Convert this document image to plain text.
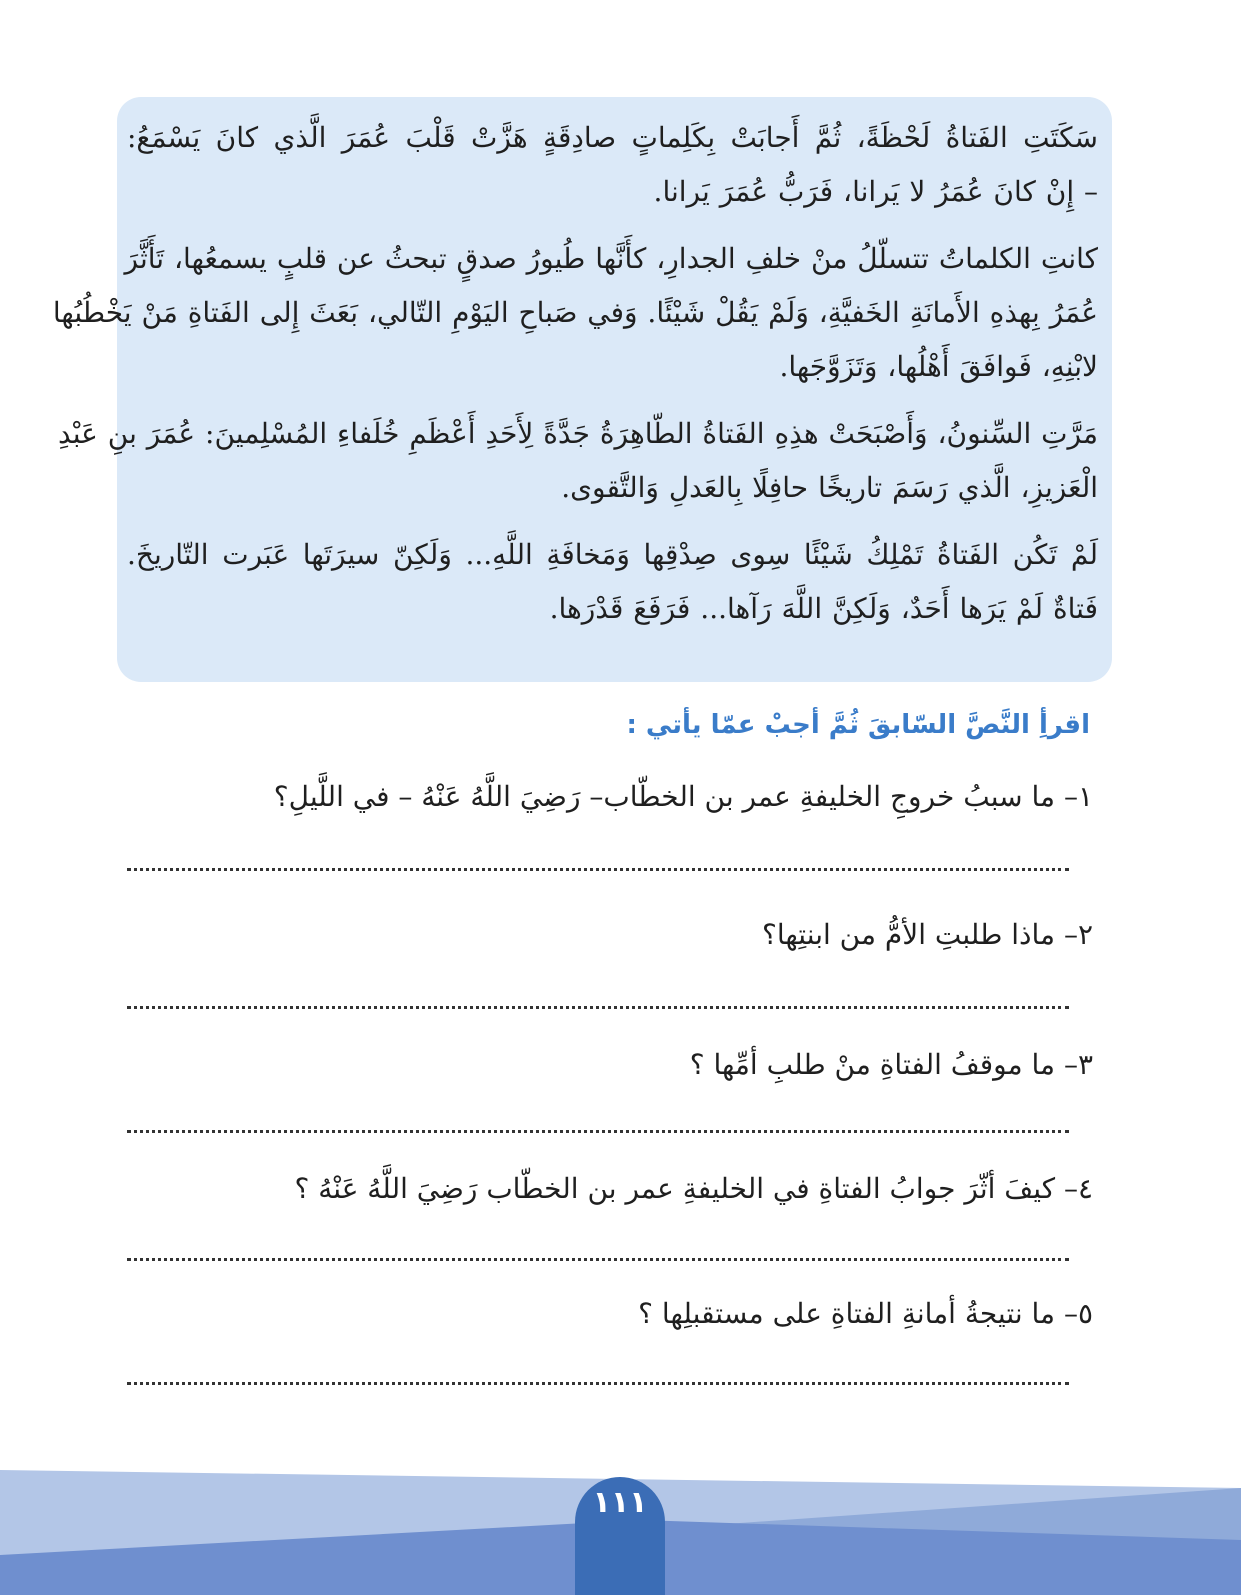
سَكَتَتِ الفَتاةُ لَحْظَةً، ثُمَّ أَجابَتْ بِكَلِماتٍ صادِقَةٍ هَزَّتْ قَلْبَ عُمَرَ الَّذي كانَ يَسْمَعُ:
– إِنْ كانَ عُمَرُ لا يَرانا، فَرَبُّ عُمَرَ يَرانا.

كانتِ الكلماتُ تتسلّلُ منْ خلفِ الجدارِ، كأَنَّها طُيورُ صدقٍ تبحثُ عن قلبٍ يسمعُها، تَأَثَّرَ
عُمَرُ بِهذهِ الأَمانَةِ الخَفيَّةِ، وَلَمْ يَقُلْ شَيْئًا. وَفي صَباحِ اليَوْمِ التّالي، بَعَثَ إِلى الفَتاةِ مَنْ يَخْطُبُها
لابْنِهِ، فَوافَقَ أَهْلُها، وَتَزَوَّجَها.

مَرَّتِ السِّنونُ، وَأَصْبَحَتْ هذِهِ الفَتاةُ الطّاهِرَةُ جَدَّةً لِأَحَدِ أَعْظَمِ خُلَفاءِ المُسْلِمينَ: عُمَرَ بنِ عَبْدِ
الْعَزيزِ، الَّذي رَسَمَ تاريخًا حافِلًا بِالعَدلِ وَالتَّقوى.

لَمْ تَكُن الفَتاةُ تَمْلِكُ شَيْئًا سِوى صِدْقِها وَمَخافَةِ اللَّهِ... وَلَكِنّ سيرَتَها عَبَرت التّاريخَ.
فَتاةٌ لَمْ يَرَها أَحَدٌ، وَلَكِنَّ اللَّهَ رَآها... فَرَفَعَ قَدْرَها.

اقرأِ النَّصَّ السّابقَ ثُمَّ أجبْ عمّا يأتي :
١– ما سببُ خروجِ الخليفةِ عمر بن الخطّاب– رَضِيَ اللَّهُ عَنْهُ – في اللَّيلِ؟
٢– ماذا طلبتِ الأمُّ من ابنتِها؟
٣– ما موقفُ الفتاةِ منْ طلبِ أمِّها ؟
٤– كيفَ أثّرَ جوابُ الفتاةِ في الخليفةِ عمر بن الخطّاب رَضِيَ اللَّهُ عَنْهُ ؟
٥– ما نتيجةُ أمانةِ الفتاةِ على مستقبلِها ؟
١١١
